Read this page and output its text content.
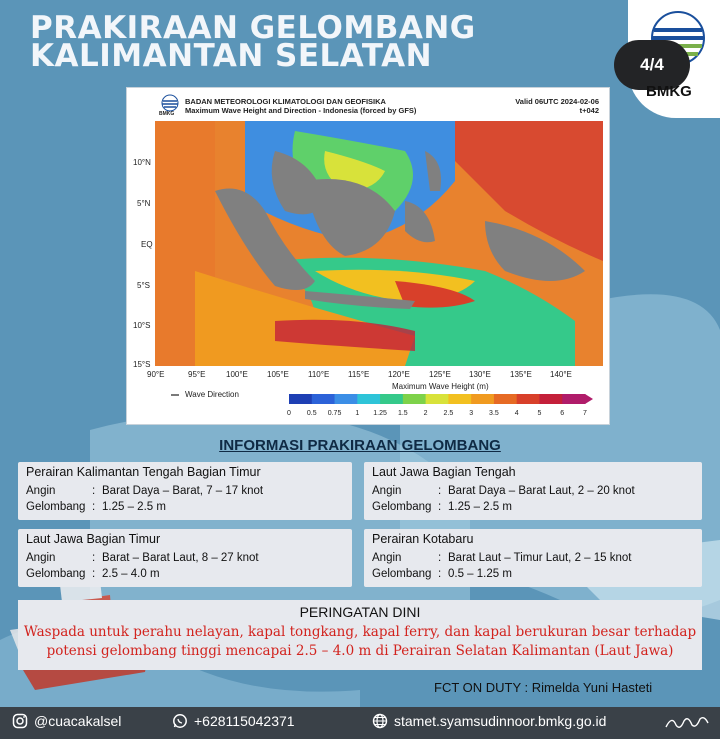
PRAKIRAAN GELOMBANG
KALIMANTAN SELATAN	4/4
BMKG
BMKG
BADAN METEOROLOGI KLIMATOLOGI DAN GEOFISIKA
Maximum Wave Height and Direction - Indonesia (forced by GFS)
Valid 06UTC 2024-02-06
t+042
10°N
5°N
EQ
5°S
10°S
15°S
90°E	95°E	100°E 105°E 110°E 115°E 120°E 125°E 130°E 135°E 140°E
Maximum Wave Height (m)
Wave Direction
0 0.5 0.75 1 1.25 1.5 2 2.5 3 3.5 4	5	6	7
INFORMASI PRAKIRAAN GELOMBANG
Perairan Kalimantan Tengah Bagian Timur
Angin	: Barat Daya – Barat, 7 – 17 knot
Gelombang : 1.25 – 2.5 m
Laut Jawa Bagian Tengah
Angin	: Barat Daya – Barat Laut, 2 – 20 knot
Gelombang : 1.25 – 2.5 m
Laut Jawa Bagian Timur
Angin	: Barat – Barat Laut, 8 – 27 knot
Gelombang : 2.5 – 4.0 m
Perairan Kotabaru
Angin	: Barat Laut – Timur Laut, 2 – 15 knot
Gelombang : 0.5 – 1.25 m
PERINGATAN DINI
Waspada untuk perahu nelayan, kapal tongkang, kapal ferry, dan kapal berukuran besar terhadap
potensi gelombang tinggi mencapai 2.5 – 4.0 m di Perairan Selatan Kalimantan (Laut Jawa)
FCT ON DUTY : Rimelda Yuni Hasteti
@cuacakalsel	+628115042371	stamet.syamsudinnoor.bmkg.go.id
